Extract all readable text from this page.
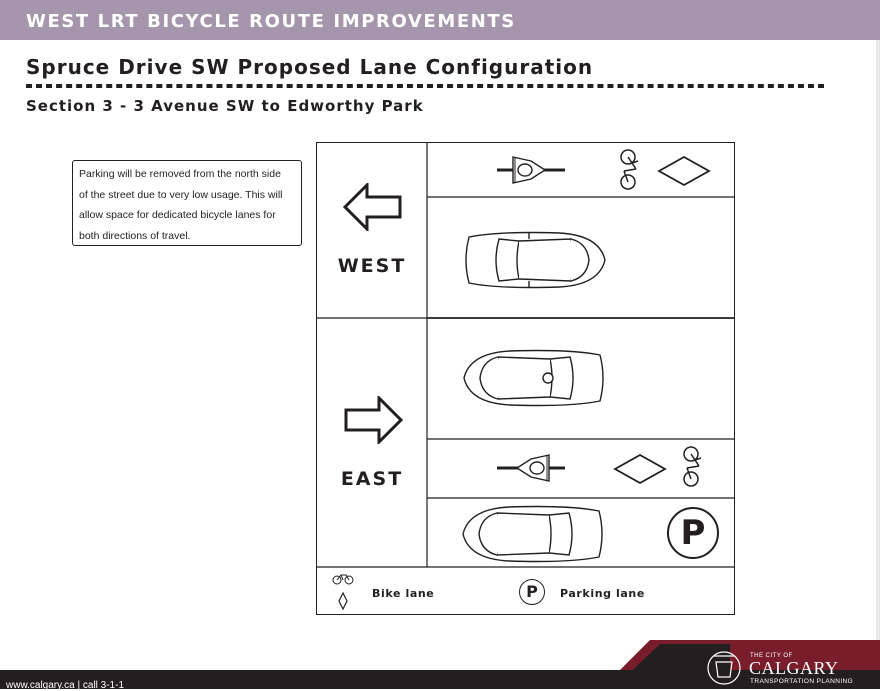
WEST LRT BICYCLE ROUTE IMPROVEMENTS
Spruce Drive SW Proposed Lane Configuration
Section 3 - 3 Avenue SW to Edworthy Park
Parking will be removed from the north side
of the street due to very low usage. This will
allow space for dedicated bicycle lanes for
both directions of travel.
WEST
EAST
P
Bike lane	P	Parking lane
www.calgary.ca | call 3-1-1
THE CITY OF
CALGARY
TRANSPORTATION PLANNING
